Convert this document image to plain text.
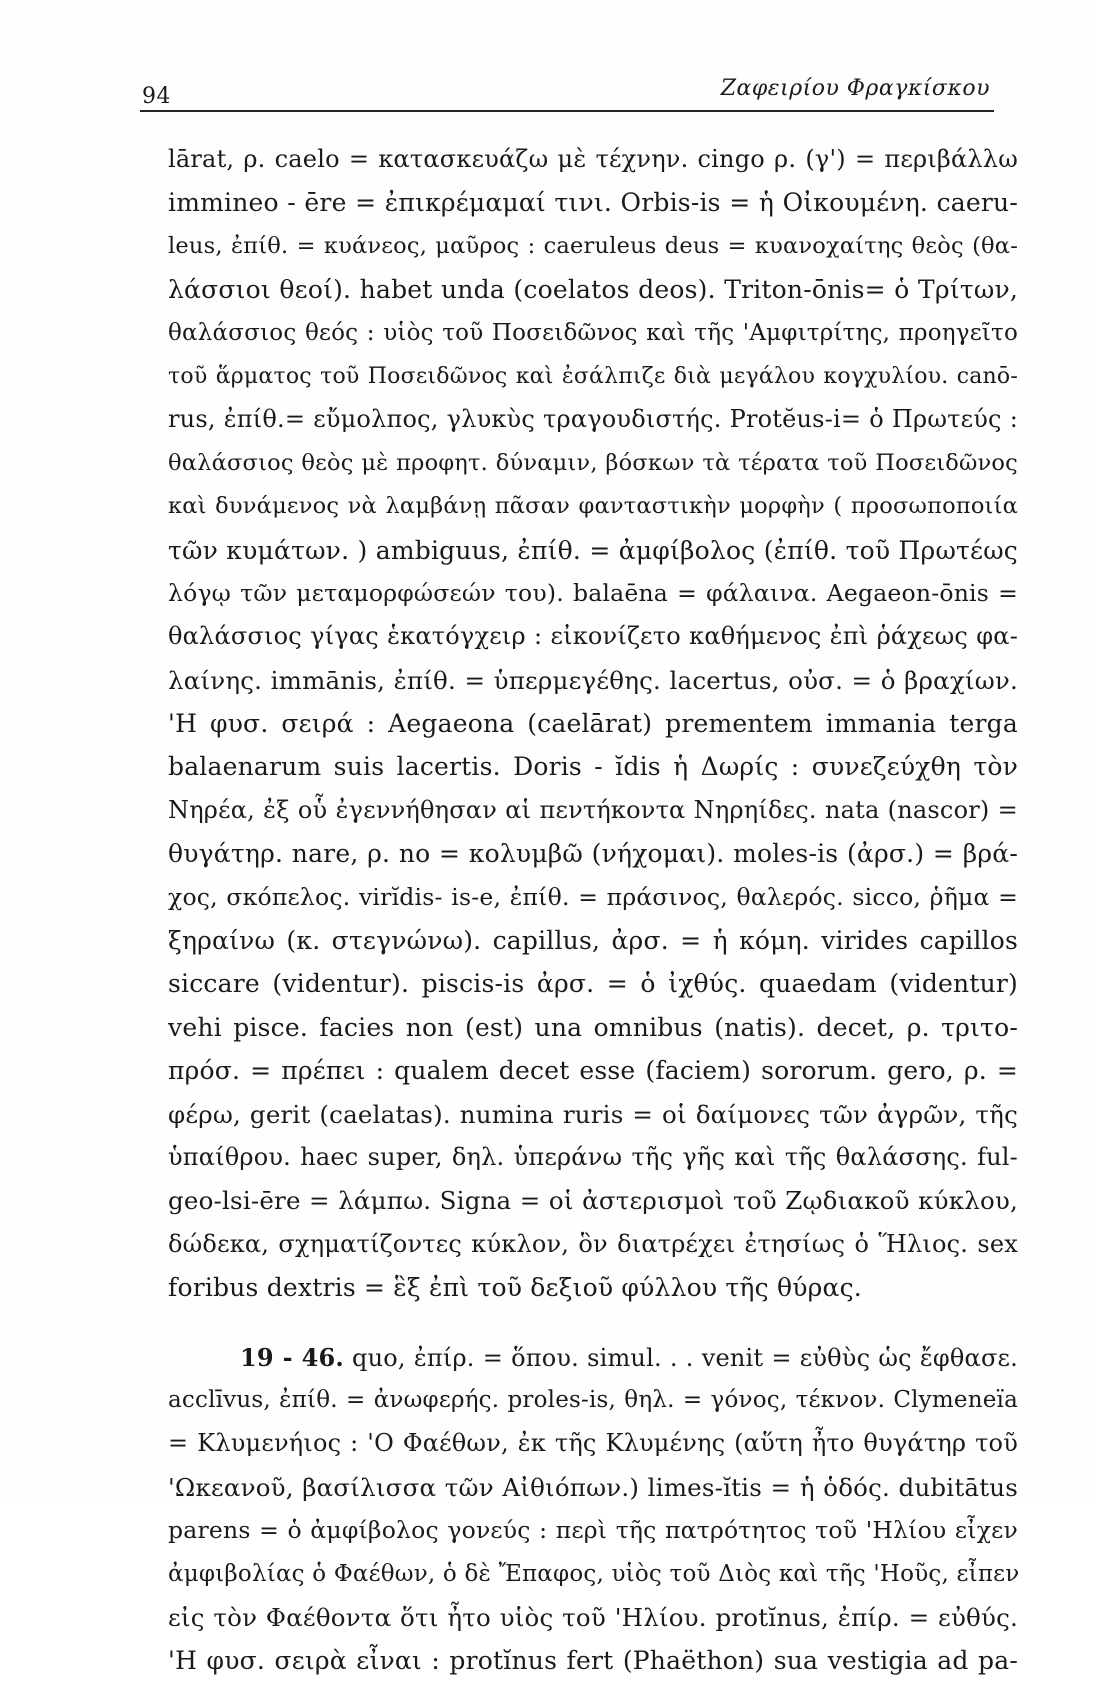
94	Ζαφειρίου Φραγκίσκου
lārat, ρ. caelo = κατασκευάζω μὲ τέχνην. cingo ρ. (γ') = περιβάλλω
immineo - ēre = ἐπικρέμαμαί τινι. Orbis-is = ἡ Οἰκουμένη. caeru-
leus, ἐπίθ. = κυάνεος, μαῦρος : caeruleus deus = κυανοχαίτης θεὸς (θα-
λάσσιοι θεοί). habet unda (coelatos deos). Triton-ōnis= ὁ Τρίτων,
θαλάσσιος θεός : υἱὸς τοῦ Ποσειδῶνος καὶ τῆς 'Αμφιτρίτης, προηγεῖτο
τοῦ ἅρματος τοῦ Ποσειδῶνος καὶ ἐσάλπιζε διὰ μεγάλου κογχυλίου. canō-
rus, ἐπίθ.= εὔμολπος, γλυκὺς τραγουδιστής. Protĕus-i= ὁ Πρωτεύς :
θαλάσσιος θεὸς μὲ προφητ. δύναμιν, βόσκων τὰ τέρατα τοῦ Ποσειδῶνος
καὶ δυνάμενος νὰ λαμβάνῃ πᾶσαν φανταστικὴν μορφὴν ( προσωποποιία
τῶν κυμάτων. ) ambiguus, ἐπίθ. = ἀμφίβολος (ἐπίθ. τοῦ Πρωτέως
λόγῳ τῶν μεταμορφώσεών του). balaēna = φάλαινα. Aegaeon-ōnis =
θαλάσσιος γίγας ἑκατόγχειρ : εἰκονίζετο καθήμενος ἐπὶ ῥάχεως φα-
λαίνης. immānis, ἐπίθ. = ὑπερμεγέθης. lacertus, οὐσ. = ὁ βραχίων.
'Η φυσ. σειρά : Aegaeona (caelārat) prementem immania terga
balaenarum suis lacertis. Doris - ĭdis ἡ Δωρίς : συνεζεύχθη τὸν
Νηρέα, ἐξ οὗ ἐγεννήθησαν αἱ πεντήκοντα Νηρηίδες. nata (nascor) =
θυγάτηρ. nare, ρ. no = κολυμβῶ (νήχομαι). moles-is (ἀρσ.) = βρά-
χος, σκόπελος. virĭdis- is-e, ἐπίθ. = πράσινος, θαλερός. sicco, ῥῆμα =
ξηραίνω (κ. στεγνώνω). capillus, ἀρσ. = ἡ κόμη. virides capillos
siccare (videntur). piscis-is ἀρσ. = ὁ ἰχθύς. quaedam (videntur)
vehi pisce. facies non (est) una omnibus (natis). decet, ρ. τριτο-
πρόσ. = πρέπει : qualem decet esse (faciem) sororum. gero, ρ. =
φέρω, gerit (caelatas). numina ruris = οἱ δαίμονες τῶν ἀγρῶν, τῆς
ὑπαίθρου. haec super, δηλ. ὑπεράνω τῆς γῆς καὶ τῆς θαλάσσης. ful-
geo-lsi-ēre = λάμπω. Signa = οἱ ἀστερισμοὶ τοῦ Ζῳδιακοῦ κύκλου,
δώδεκα, σχηματίζοντες κύκλον, ὃν διατρέχει ἐτησίως ὁ Ἥλιος. sex
foribus dextris = ἓξ ἐπὶ τοῦ δεξιοῦ φύλλου τῆς θύρας.
19 - 46. quo, ἐπίρ. = ὅπου. simul. . . venit = εὐθὺς ὡς ἔφθασε.
acclīvus, ἐπίθ. = ἀνωφερής. proles-is, θηλ. = γόνος, τέκνον. Clymeneïa
= Κλυμενήιος : 'Ο Φαέθων, ἐκ τῆς Κλυμένης (αὕτη ἦτο θυγάτηρ τοῦ
'Ωκεανοῦ, βασίλισσα τῶν Αἰθιόπων.) limes-ĭtis = ἡ ὁδός. dubitātus
parens = ὁ ἀμφίβολος γονεύς : περὶ τῆς πατρότητος τοῦ 'Ηλίου εἶχεν
ἀμφιβολίας ὁ Φαέθων, ὁ δὲ Ἔπαφος, υἱὸς τοῦ Διὸς καὶ τῆς 'Ηοῦς, εἶπεν
εἰς τὸν Φαέθοντα ὅτι ἦτο υἱὸς τοῦ 'Ηλίου. protĭnus, ἐπίρ. = εὐθύς.
'Η φυσ. σειρὰ εἶναι : protĭnus fert (Phaëthon) sua vestigia ad pa-
